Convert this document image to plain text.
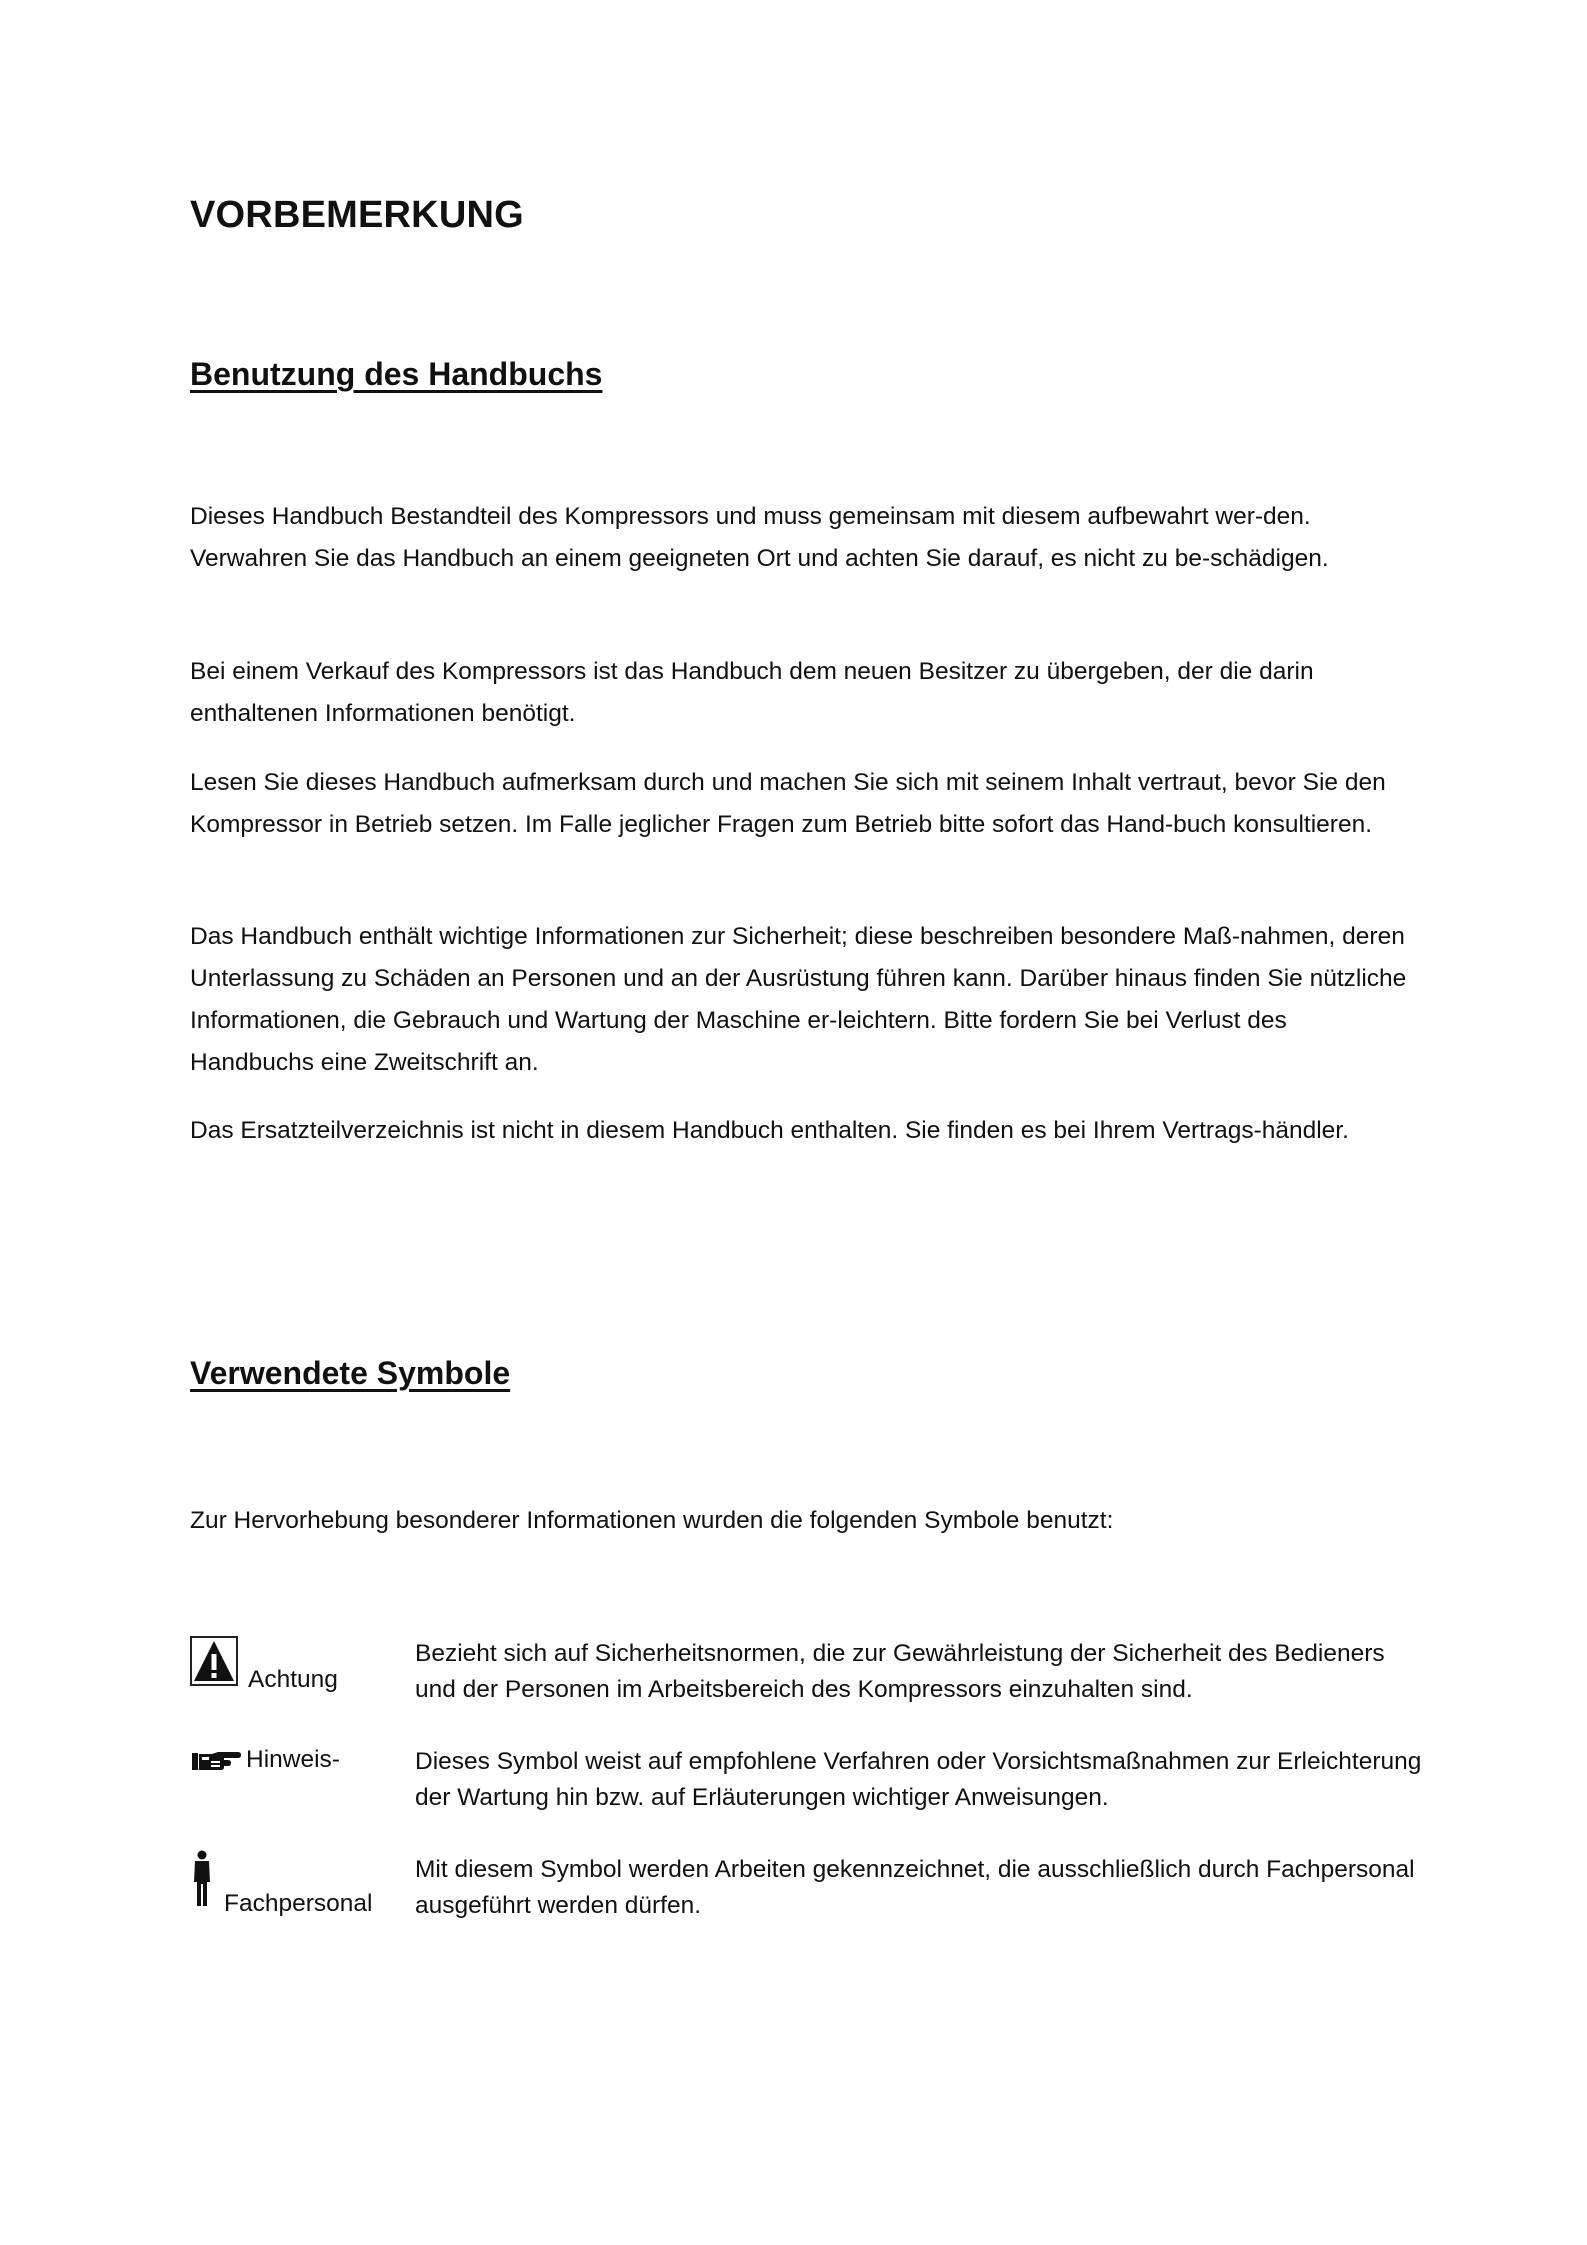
VORBEMERKUNG
Benutzung des Handbuchs

Dieses Handbuch Bestandteil des Kompressors und muss gemeinsam mit diesem aufbewahrt wer-den. Verwahren Sie das Handbuch an einem geeigneten Ort und achten Sie darauf, es nicht zu be-schädigen.

Bei einem Verkauf des Kompressors ist das Handbuch dem neuen Besitzer zu übergeben, der die darin enthaltenen Informationen benötigt.

Lesen Sie dieses Handbuch aufmerksam durch und machen Sie sich mit seinem Inhalt vertraut, bevor Sie den Kompressor in Betrieb setzen. Im Falle jeglicher Fragen zum Betrieb bitte sofort das Hand-buch konsultieren.

Das Handbuch enthält wichtige Informationen zur Sicherheit; diese beschreiben besondere Maß-nahmen, deren Unterlassung zu Schäden an Personen und an der Ausrüstung führen kann. Darüber hinaus finden Sie nützliche Informationen, die Gebrauch und Wartung der Maschine er-leichtern. Bitte fordern Sie bei Verlust des Handbuchs eine Zweitschrift an.

Das Ersatzteilverzeichnis ist nicht in diesem Handbuch enthalten. Sie finden es bei Ihrem Vertrags-händler.

Verwendete Symbole

Zur Hervorhebung besonderer Informationen wurden die folgenden Symbole benutzt:

Achtung
Bezieht sich auf Sicherheitsnormen, die zur Gewährleistung der Sicherheit des Bedieners und der Personen im Arbeitsbereich des Kompressors einzuhalten sind.
Hinweis-	Dieses Symbol weist auf empfohlene Verfahren oder Vorsichtsmaßnahmen zur Erleichterung der Wartung hin bzw. auf Erläuterungen wichtiger Anweisungen.
Fachpersonal
Mit diesem Symbol werden Arbeiten gekennzeichnet, die ausschließlich durch Fachpersonal ausgeführt werden dürfen.
